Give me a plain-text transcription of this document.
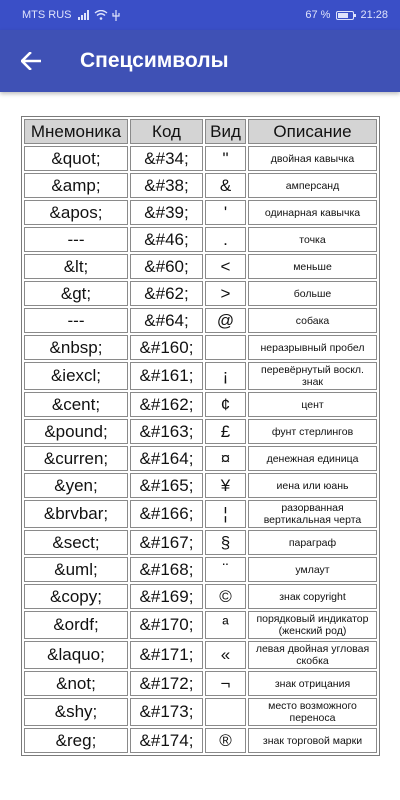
MTS RUS	67 %	21:28
Спецсимволы
Мнемоника	Код	Вид	Описание
&quot;	&#34;	"	двойная кавычка
&amp;	&#38;	&	амперсанд
&apos;	&#39;	'	одинарная кавычка
---	&#46;	.	точка
&lt;	&#60;	<	меньше
&gt;	&#62;	>	больше
---	&#64;	@	собака
&nbsp;	&#160;		неразрывный пробел
&iexcl;	&#161;	¡	перевёрнутый воскл. знак
&cent;	&#162;	¢	цент
&pound;	&#163;	£	фунт стерлингов
&curren;	&#164;	¤	денежная единица
&yen;	&#165;	¥	иена или юань
&brvbar;	&#166;	¦	разорванная вертикальная черта
&sect;	&#167;	§	параграф
&uml;	&#168;	¨	умлаут
&copy;	&#169;	©	знак copyright
&ordf;	&#170;	ª	порядковый индикатор (женский род)
&laquo;	&#171;	«	левая двойная угловая скобка
&not;	&#172;	¬	знак отрицания
&shy;	&#173;		место возможного переноса
&reg;	&#174;	®	знак торговой марки
